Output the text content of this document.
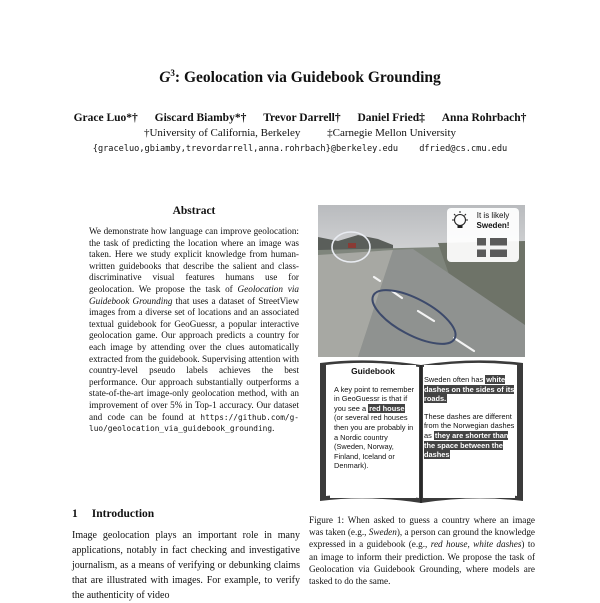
$G^3$: Geolocation via Guidebook Grounding
Grace Luo*† Giscard Biamby*† Trevor Darrell† Daniel Fried‡ Anna Rohrbach†
†University of California, Berkeley ‡Carnegie Mellon University
{graceluo,gbiamby,trevordarrell,anna.rohrbach}@berkeley.edu dfried@cs.cmu.edu
Abstract
We demonstrate how language can improve geolocation: the task of predicting the location where an image was taken. Here we study explicit knowledge from human-written guidebooks that describe the salient and class-discriminative visual features humans use for geolocation. We propose the task of Geolocation via Guidebook Grounding that uses a dataset of StreetView images from a diverse set of locations and an associated textual guidebook for GeoGuessr, a popular interactive geolocation game. Our approach predicts a country for each image by attending over the clues automatically extracted from the guidebook. Supervising attention with country-level pseudo labels achieves the best performance. Our approach substantially outperforms a state-of-the-art image-only geolocation method, with an improvement of over 5% in Top-1 accuracy. Our dataset and code can be found at https://github.com/g-luo/geolocation_via_guidebook_grounding.
1 Introduction
Image geolocation plays an important role in many applications, notably in fact checking and investigative journalism, as a means of verifying or debunking claims that are illustrated with images. For example, to verify the authenticity of video
It is likely
Sweden!
Guidebook

A key point to remember in GeoGuessr is that if you see a red house (or several red houses then you are probably in a Nordic country (Sweden, Norway, Finland, Iceland or Denmark).

Sweden often has white dashes on the sides of its roads.

These dashes are different from the Norwegian dashes as they are shorter than the space between the dashes

Figure 1: When asked to guess a country where an image was taken (e.g., Sweden), a person can ground the knowledge expressed in a guidebook (e.g., red house, white dashes) to an image to inform their prediction. We propose the task of Geolocation via Guidebook Grounding, where models are tasked to do the same.
